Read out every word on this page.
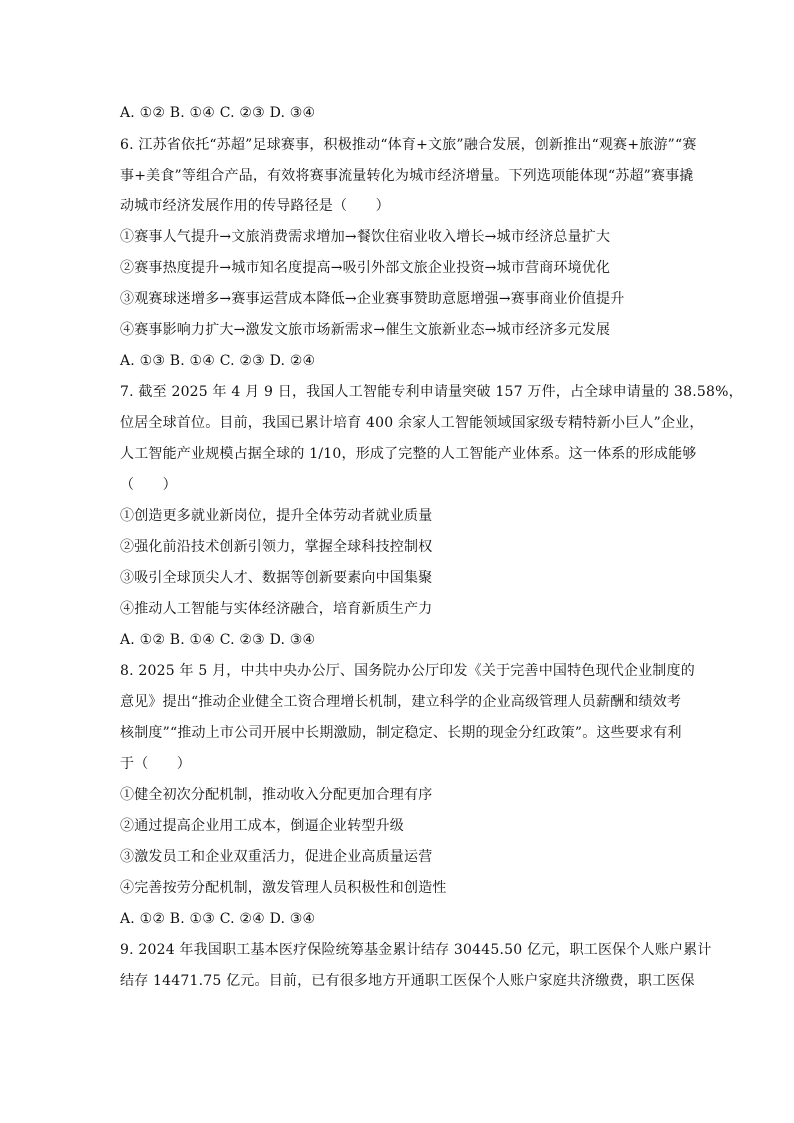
A. ①② B. ①④ C. ②③ D. ③④
6. 江苏省依托“苏超”足球赛事，积极推动“体育+文旅”融合发展，创新推出“观赛+旅游”“赛
事+美食”等组合产品，有效将赛事流量转化为城市经济增量。下列选项能体现“苏超”赛事撬
动城市经济发展作用的传导路径是（　　）
①赛事人气提升→文旅消费需求增加→餐饮住宿业收入增长→城市经济总量扩大
②赛事热度提升→城市知名度提高→吸引外部文旅企业投资→城市营商环境优化
③观赛球迷增多→赛事运营成本降低→企业赛事赞助意愿增强→赛事商业价值提升
④赛事影响力扩大→激发文旅市场新需求→催生文旅新业态→城市经济多元发展
A. ①③ B. ①④ C. ②③ D. ②④
7. 截至 2025 年 4 月 9 日，我国人工智能专利申请量突破 157 万件，占全球申请量的 38.58%，
位居全球首位。目前，我国已累计培育 400 余家人工智能领域国家级专精特新小巨人”企业，
人工智能产业规模占据全球的 1/10，形成了完整的人工智能产业体系。这一体系的形成能够
（　　）
①创造更多就业新岗位，提升全体劳动者就业质量
②强化前沿技术创新引领力，掌握全球科技控制权
③吸引全球顶尖人才、数据等创新要素向中国集聚
④推动人工智能与实体经济融合，培育新质生产力
A. ①② B. ①④ C. ②③ D. ③④
8. 2025 年 5 月，中共中央办公厅、国务院办公厅印发《关于完善中国特色现代企业制度的
意见》提出“推动企业健全工资合理增长机制，建立科学的企业高级管理人员薪酬和绩效考
核制度”“推动上市公司开展中长期激励，制定稳定、长期的现金分红政策”。这些要求有利
于（　　）
①健全初次分配机制，推动收入分配更加合理有序
②通过提高企业用工成本，倒逼企业转型升级
③激发员工和企业双重活力，促进企业高质量运营
④完善按劳分配机制，激发管理人员积极性和创造性
A. ①② B. ①③ C. ②④ D. ③④
9. 2024 年我国职工基本医疗保险统筹基金累计结存 30445.50 亿元，职工医保个人账户累计
结存 14471.75 亿元。目前，已有很多地方开通职工医保个人账户家庭共济缴费，职工医保
